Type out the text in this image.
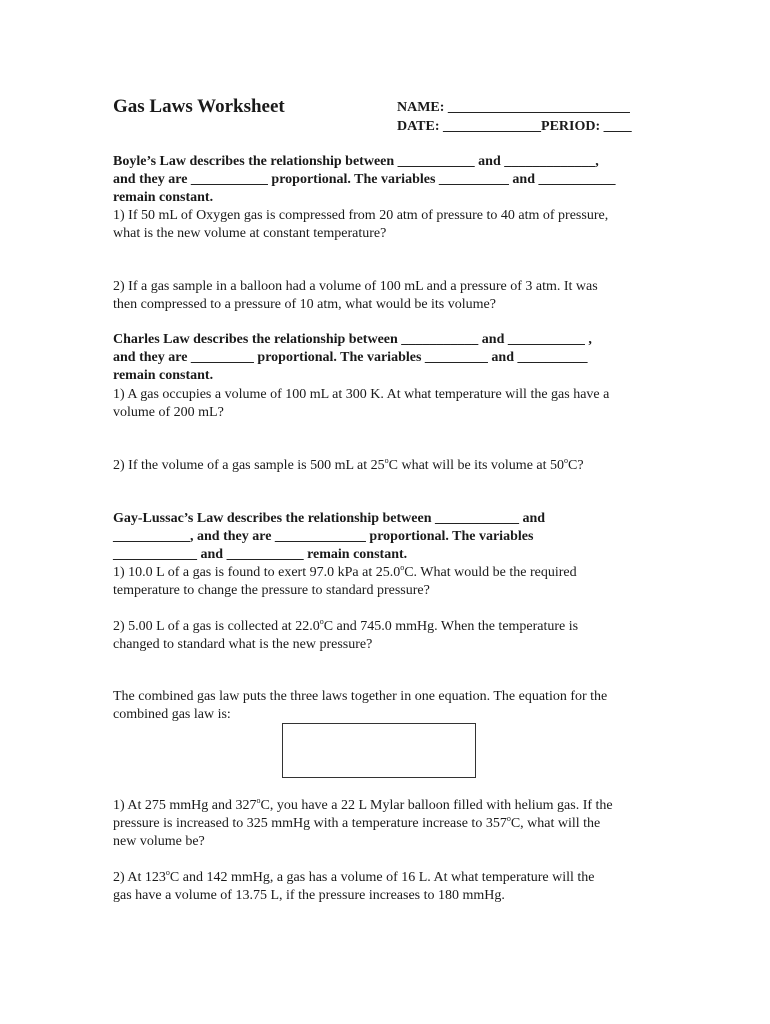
Gas Laws Worksheet	NAME: __________________________
DATE: ______________PERIOD: ____
Boyle’s Law describes the relationship between ___________ and _____________,
and they are ___________ proportional. The variables __________ and ___________
remain constant.
1) If 50 mL of Oxygen gas is compressed from 20 atm of pressure to 40 atm of pressure,
what is the new volume at constant temperature?
2) If a gas sample in a balloon had a volume of 100 mL and a pressure of 3 atm. It was
then compressed to a pressure of 10 atm, what would be its volume?
Charles Law describes the relationship between ___________ and ___________ ,
and they are _________ proportional. The variables _________ and __________
remain constant.
1) A gas occupies a volume of 100 mL at 300 K. At what temperature will the gas have a
volume of 200 mL?
2) If the volume of a gas sample is 500 mL at 25$^o$C what will be its volume at 50$^o$C?
Gay-Lussac’s Law describes the relationship between ____________ and
___________, and they are _____________ proportional. The variables
____________ and ___________ remain constant.
1) 10.0 L of a gas is found to exert 97.0 kPa at 25.0$^o$C. What would be the required
temperature to change the pressure to standard pressure?
2) 5.00 L of a gas is collected at 22.0$^o$C and 745.0 mmHg. When the temperature is
changed to standard what is the new pressure?
The combined gas law puts the three laws together in one equation. The equation for the
combined gas law is:
1) At 275 mmHg and 327$^o$C, you have a 22 L Mylar balloon filled with helium gas. If the
pressure is increased to 325 mmHg with a temperature increase to 357$^o$C, what will the
new volume be?
2) At 123$^o$C and 142 mmHg, a gas has a volume of 16 L. At what temperature will the
gas have a volume of 13.75 L, if the pressure increases to 180 mmHg.
